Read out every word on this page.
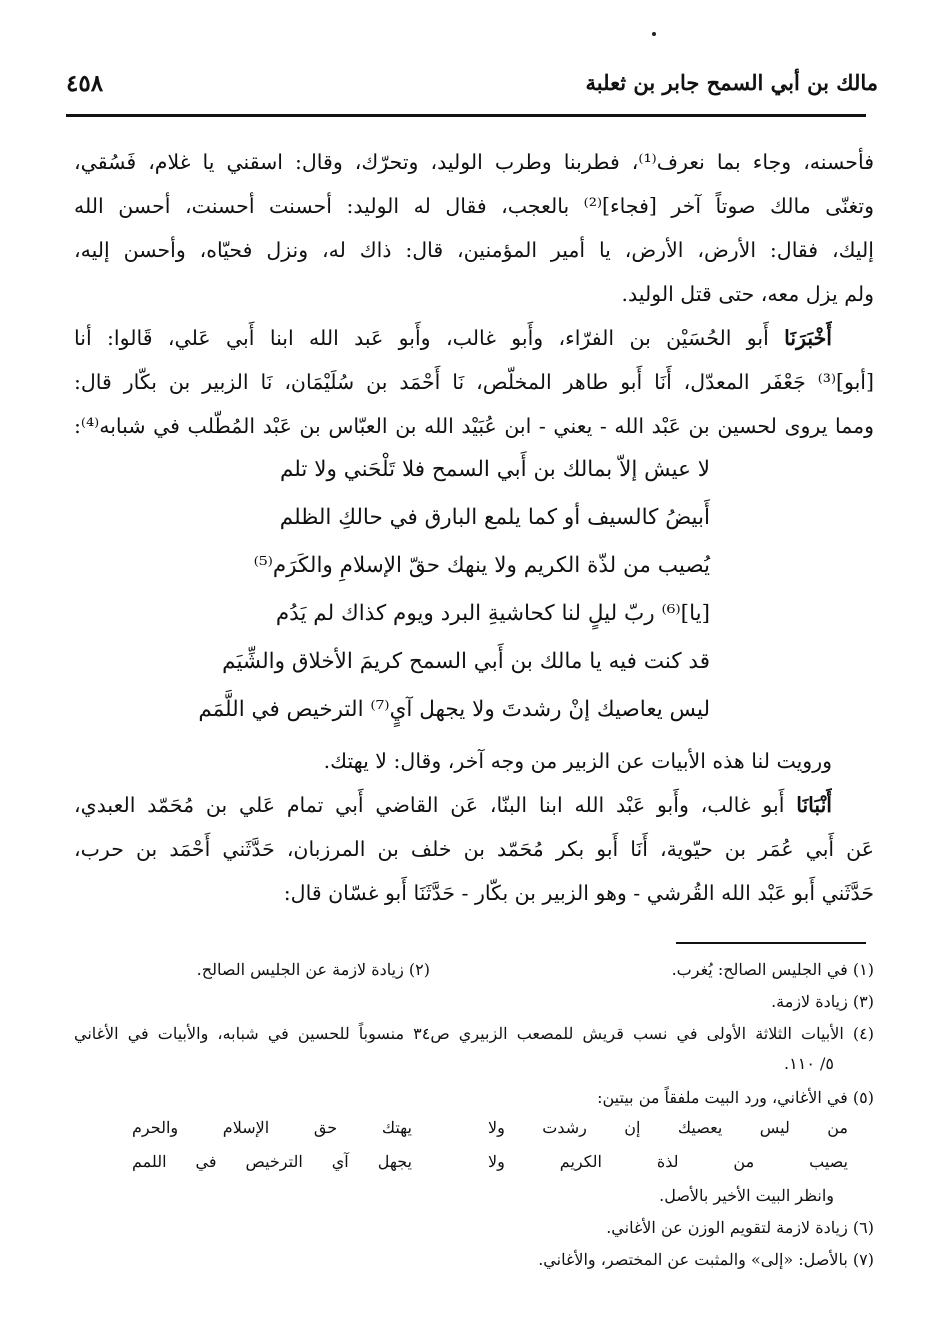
مالك بن أبي السمح جابر بن ثعلبة
٤٥٨
فأحسنه، وجاء بما نعرف⁽¹⁾، فطربنا وطرب الوليد، وتحرّك، وقال: اسقني يا غلام، فَسُقي،
وتغنّى مالك صوتاً آخر [فجاء]⁽²⁾ بالعجب، فقال له الوليد: أحسنت أحسنت، أحسن الله
إليك، فقال: الأرض، الأرض، يا أمير المؤمنين، قال: ذاك له، ونزل فحيّاه، وأحسن إليه،
ولم يزل معه، حتى قتل الوليد.
أَخْبَرَنَا أَبو الحُسَيْن بن الفرّاء، وأَبو غالب، وأَبو عَبد الله ابنا أَبي عَلي، قَالوا: أنا
[أبو]⁽³⁾ جَعْفَر المعدّل، أَنَا أَبو طاهر المخلّص، نَا أَحْمَد بن سُلَيْمَان، نَا الزبير بن بكّار قال:
ومما يروى لحسين بن عَبْد الله - يعني - ابن عُبَيْد الله بن العبّاس بن عَبْد المُطّلب في شبابه⁽⁴⁾:
لا عيش إلاّ بمالك بن أَبي السمح فلا تَلْحَني ولا تلم
أَبيضُ كالسيف أو كما يلمع البارق في حالكِ الظلم
يُصيب من لذّة الكريم ولا ينهك حقّ الإسلامِ والكَرَم⁽⁵⁾
[يا]⁽⁶⁾ ربّ ليلٍ لنا كحاشيةِ البرد ويوم كذاك لم يَدُم
قد كنت فيه يا مالك بن أَبي السمح كريمَ الأخلاق والشِّيَم
ليس يعاصيك إنْ رشدتَ ولا يجهل آيٍ⁽⁷⁾ الترخيص في اللَّمَم
ورويت لنا هذه الأبيات عن الزبير من وجه آخر، وقال: لا يهتك.
أَنْبَانَا أَبو غالب، وأَبو عَبْد الله ابنا البنّا، عَن القاضي أَبي تمام عَلي بن مُحَمّد العبدي،
عَن أَبي عُمَر بن حيّوية، أَنَا أَبو بكر مُحَمّد بن خلف بن المرزبان، حَدَّثَني أَحْمَد بن حرب،
حَدَّثَني أَبو عَبْد الله القُرشي - وهو الزبير بن بكّار - حَدَّثَنَا أَبو غسّان قال:
(١) في الجليس الصالح: يُغرب.
(٢) زيادة لازمة عن الجليس الصالح.
(٣) زيادة لازمة.
(٤) الأبيات الثلاثة الأولى في نسب قريش للمصعب الزبيري ص٣٤ منسوباً للحسين في شبابه، والأبيات في الأغاني
٥/ ١١٠.
(٥) في الأغاني، ورد البيت ملفقاً من بيتين:
من ليس يعصيك إن رشدت ولا
يهتك حق الإسلام والحرم
يصيب من لذة الكريم ولا
يجهل آي الترخيص في اللمم
وانظر البيت الأخير بالأصل.
(٦) زيادة لازمة لتقويم الوزن عن الأغاني.
(٧) بالأصل: «إلى» والمثبت عن المختصر، والأغاني.
